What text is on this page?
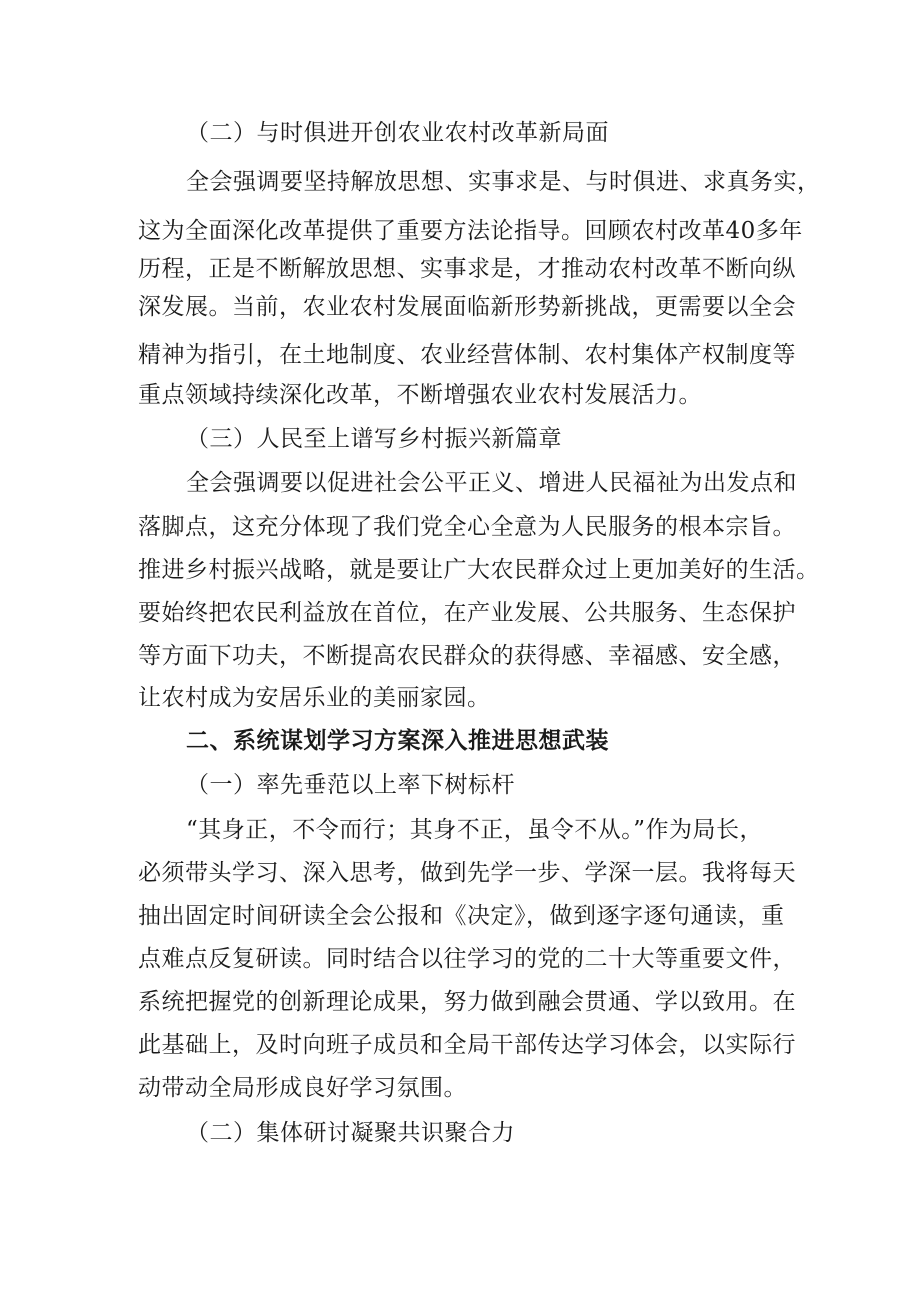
（二）与时俱进开创农业农村改革新局面
全会强调要坚持解放思想、实事求是、与时俱进、求真务实，
这为全面深化改革提供了重要方法论指导。回顾农村改革40多年
历程，正是不断解放思想、实事求是，才推动农村改革不断向纵
深发展。当前，农业农村发展面临新形势新挑战，更需要以全会
精神为指引，在土地制度、农业经营体制、农村集体产权制度等
重点领域持续深化改革，不断增强农业农村发展活力。
（三）人民至上谱写乡村振兴新篇章
全会强调要以促进社会公平正义、增进人民福祉为出发点和
落脚点，这充分体现了我们党全心全意为人民服务的根本宗旨。
推进乡村振兴战略，就是要让广大农民群众过上更加美好的生活。
要始终把农民利益放在首位，在产业发展、公共服务、生态保护
等方面下功夫，不断提高农民群众的获得感、幸福感、安全感，
让农村成为安居乐业的美丽家园。
二、系统谋划学习方案深入推进思想武装
（一）率先垂范以上率下树标杆
“其身正，不令而行；其身不正，虽令不从。”作为局长，
必须带头学习、深入思考，做到先学一步、学深一层。我将每天
抽出固定时间研读全会公报和《决定》，做到逐字逐句通读，重
点难点反复研读。同时结合以往学习的党的二十大等重要文件，
系统把握党的创新理论成果，努力做到融会贯通、学以致用。在
此基础上，及时向班子成员和全局干部传达学习体会，以实际行
动带动全局形成良好学习氛围。
（二）集体研讨凝聚共识聚合力
